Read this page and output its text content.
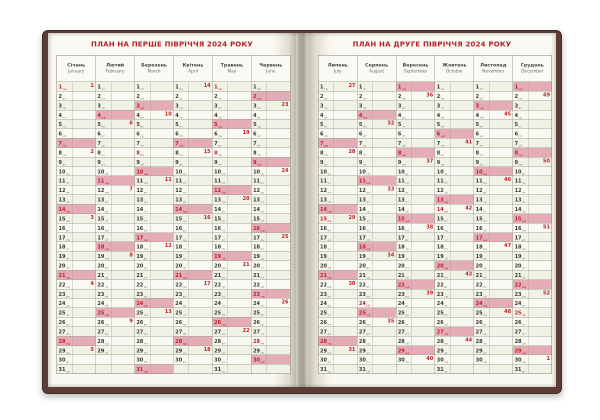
ПЛАН НА ПЕРШЕ ПІВРІЧЧЯ 2024 РОКУ
Січень
January
1пн
1
2вт
3ср
4чт
5пт
6сб
7нд
8пн
2
9вт
10ср
11чт
12пт
13сб
14нд
15пн
3
16вт
17ср
18чт
19пт
20сб
21нд
22пн
4
23вт
24ср
25чт
26пт
27сб
28нд
29пн
5
30вт
31ср
Лютий
February
1чт
2пт
3сб
4нд
5пн
6
6вт
7ср
8чт
9пт
10сб
11нд
12пн
7
13вт
14ср
15чт
16пт
17сб
18нд
19пн
8
20вт
21ср
22чт
23пт
24сб
25нд
26пн
9
27вт
28ср
29чт
Березень
March
1пт
2сб
3нд
4пн
10
5вт
6ср
7чт
8пт
9сб
10нд
11пн
11
12вт
13ср
14чт
15пт
16сб
17нд
18пн
12
19вт
20ср
21чт
22пт
23сб
24нд
25пн
13
26вт
27ср
28чт
29пт
30сб
31нд
Квітень
April
1пн
14
2вт
3ср
4чт
5пт
6сб
7нд
8пн
15
9вт
10ср
11чт
12пт
13сб
14нд
15пн
16
16вт
17ср
18чт
19пт
20сб
21нд
22пн
17
23вт
24ср
25чт
26пт
27сб
28нд
29пн
18
30вт
Травень
May
1ср
2чт
3пт
4сб
5нд
6пн
19
7вт
8ср
9чт
10пт
11сб
12нд
13пн
20
14вт
15ср
16чт
17пт
18сб
19нд
20пн
21
21вт
22ср
23чт
24пт
25сб
26нд
27пн
22
28вт
29ср
30чт
31пт
Червень
June
1сб
2нд
3пн
23
4вт
5ср
6чт
7пт
8сб
9нд
10пн
24
11вт
12ср
13чт
14пт
15сб
16нд
17пн
25
18вт
19ср
20чт
21пт
22сб
23нд
24пн
26
25вт
26ср
27чт
28пт
29сб
30нд
ПЛАН НА ДРУГЕ ПІВРІЧЧЯ 2024 РОКУ
Липень
July
1пн
27
2вт
3ср
4чт
5пт
6сб
7нд
8пн
28
9вт
10ср
11чт
12пт
13сб
14нд
15пн
29
16вт
17ср
18чт
19пт
20сб
21нд
22пн
30
23вт
24ср
25чт
26пт
27сб
28нд
29пн
31
30вт
31ср
Серпень
August
1чт
2пт
3сб
4нд
5пн
32
6вт
7ср
8чт
9пт
10сб
11нд
12пн
33
13вт
14ср
15чт
16пт
17сб
18нд
19пн
34
20вт
21ср
22чт
23пт
24сб
25нд
26пн
35
27вт
28ср
29чт
30пт
31сб
Вересень
September
1нд
2пн
36
3вт
4ср
5чт
6пт
7сб
8нд
9пн
37
10вт
11ср
12чт
13пт
14сб
15нд
16пн
38
17вт
18ср
19чт
20пт
21сб
22нд
23пн
39
24вт
25ср
26чт
27пт
28сб
29нд
30пн
40
Жовтень
October
1вт
2ср
3чт
4пт
5сб
6нд
7пн
41
8вт
9ср
10чт
11пт
12сб
13нд
14пн
42
15вт
16ср
17чт
18пт
19сб
20нд
21пн
43
22вт
23ср
24чт
25пт
26сб
27нд
28пн
44
29вт
30ср
31чт
Листопад
November
1пт
2сб
3нд
4пн
45
5вт
6ср
7чт
8пт
9сб
10нд
11пн
46
12вт
13ср
14чт
15пт
16сб
17нд
18пн
47
19вт
20ср
21чт
22пт
23сб
24нд
25пн
48
26вт
27ср
28чт
29пт
30сб
Грудень
December
1нд
2пн
49
3вт
4ср
5чт
6пт
7сб
8нд
9пн
50
10вт
11ср
12чт
13пт
14сб
15нд
16пн
51
17вт
18ср
19чт
20пт
21сб
22нд
23пн
52
24вт
25ср
26чт
27пт
28сб
29нд
30пн
1
31вт
